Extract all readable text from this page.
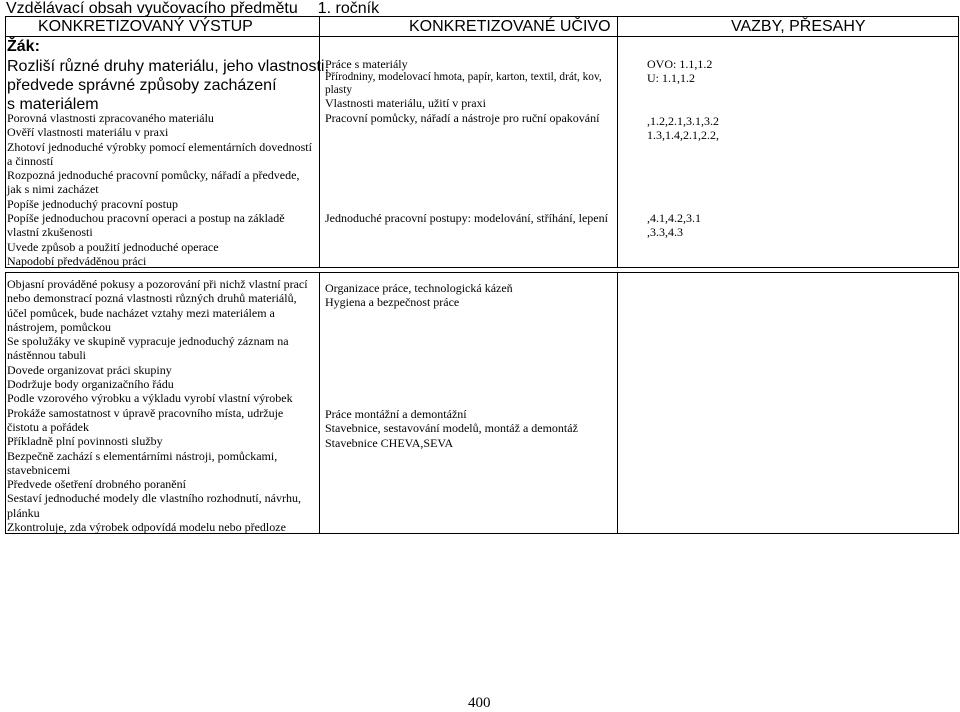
Vzdělávací obsah vyučovacího předmětu 1. ročník
KONKRETIZOVANÝ VÝSTUP	KONKRETIZOVANÉ UČIVO	VAZBY, PŘESAHY
Žák:
Rozliší různé druhy materiálu, jeho vlastnosti,
předvede správné způsoby zacházení
s materiálem
Porovná vlastnosti zpracovaného materiálu
Ověří vlastnosti materiálu v praxi
Zhotoví jednoduché výrobky pomocí elementárních dovedností
a činností
Rozpozná jednoduché pracovní pomůcky, nářadí a předvede,
jak s nimi zacházet
Popíše jednoduchý pracovní postup
Popíše jednoduchou pracovní operaci a postup na základě
vlastní zkušenosti
Uvede způsob a použití jednoduché operace
Napodobí předváděnou práci
Práce s materiály
Přírodniny, modelovací hmota, papír, karton, textil, drát, kov,
plasty
Vlastnosti materiálu, užití v praxi
Pracovní pomůcky, nářadí a nástroje pro ruční opakování
Jednoduché pracovní postupy: modelování, stříhání, lepení
OVO: 1.1,1.2
U: 1.1,1.2
,1.2,2.1,3.1,3.2
1.3,1.4,2.1,2.2,
,4.1,4.2,3.1
,3.3,4.3
Objasní prováděné pokusy a pozorování při nichž vlastní prací
nebo demonstrací pozná vlastnosti různých druhů materiálů,
účel pomůcek, bude nacházet vztahy mezi materiálem a
nástrojem, pomůckou
Se spolužáky ve skupině vypracuje jednoduchý záznam na
nástěnnou tabuli
Dovede organizovat práci skupiny
Dodržuje body organizačního řádu
Podle vzorového výrobku a výkladu vyrobí vlastní výrobek
Prokáže samostatnost v úpravě pracovního místa, udržuje
čistotu a pořádek
Příkladně plní povinnosti služby
Bezpečně zachází s elementárními nástroji, pomůckami,
stavebnicemi
Předvede ošetření drobného poranění
Sestaví jednoduché modely dle vlastního rozhodnutí, návrhu,
plánku
Zkontroluje, zda výrobek odpovídá modelu nebo předloze
Organizace práce, technologická kázeň
Hygiena a bezpečnost práce
Práce montážní a demontážní
Stavebnice, sestavování modelů, montáž a demontáž
Stavebnice CHEVA,SEVA
400
